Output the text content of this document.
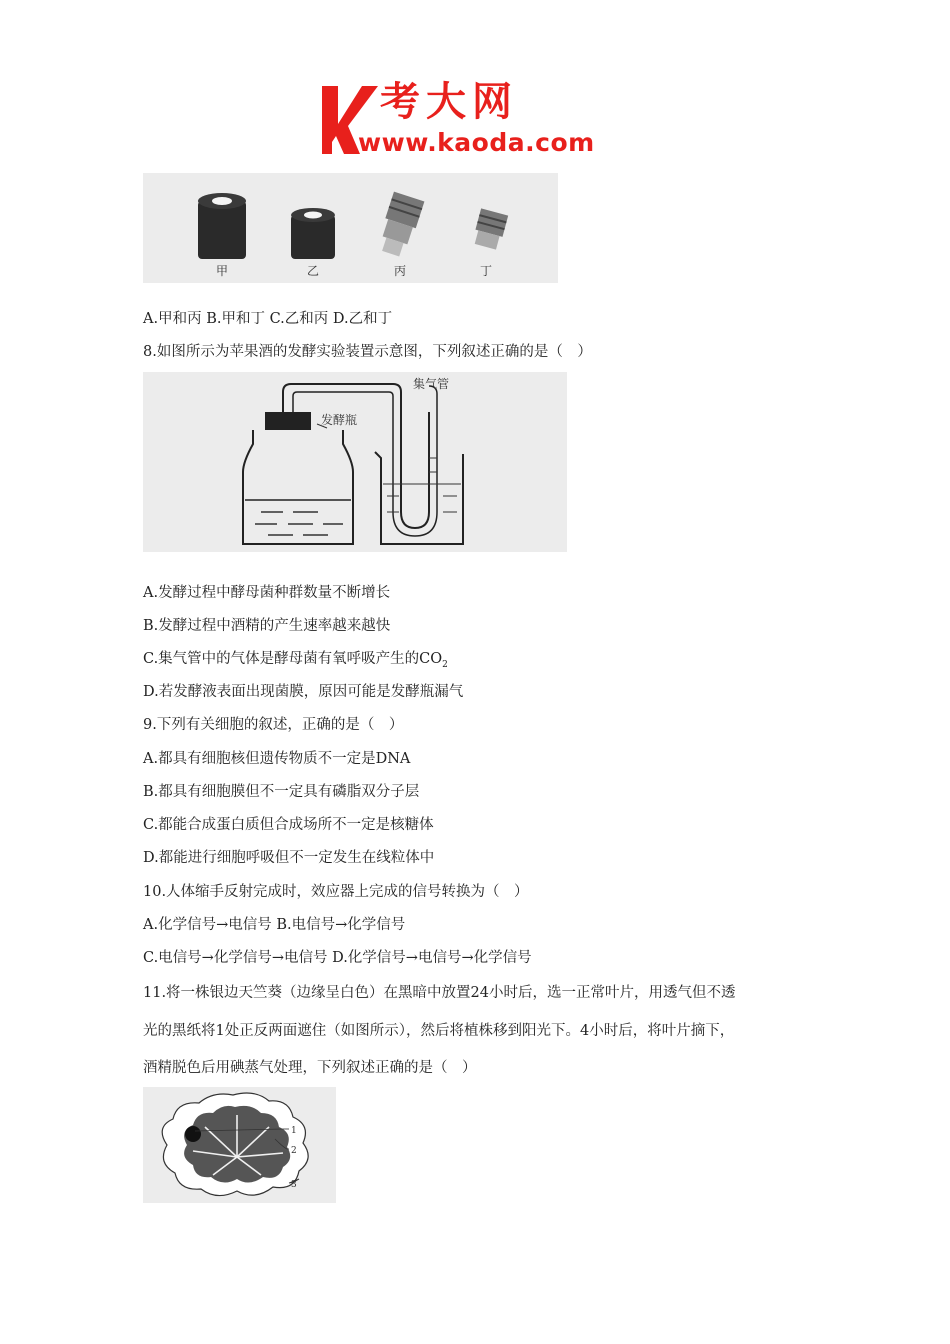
考大网
www.kaoda.com
甲	乙	丙	丁
A.甲和丙 B.甲和丁 C.乙和丙 D.乙和丁
8.如图所示为苹果酒的发酵实验装置示意图，下列叙述正确的是（　）
发酵瓶
集气管
A.发酵过程中酵母菌种群数量不断增长
B.发酵过程中酒精的产生速率越来越快
C.集气管中的气体是酵母菌有氧呼吸产生的$CO_2$
D.若发酵液表面出现菌膜，原因可能是发酵瓶漏气
9.下列有关细胞的叙述，正确的是（　）
A.都具有细胞核但遗传物质不一定是DNA
B.都具有细胞膜但不一定具有磷脂双分子层
C.都能合成蛋白质但合成场所不一定是核糖体
D.都能进行细胞呼吸但不一定发生在线粒体中
10.人体缩手反射完成时，效应器上完成的信号转换为（　）
A.化学信号→电信号 B.电信号→化学信号
C.电信号→化学信号→电信号 D.化学信号→电信号→化学信号
11.将一株银边天竺葵（边缘呈白色）在黑暗中放置24小时后，选一正常叶片，用透气但不透
光的黑纸将1处正反两面遮住（如图所示），然后将植株移到阳光下。4小时后，将叶片摘下，
酒精脱色后用碘蒸气处理，下列叙述正确的是（　）
1
2
3
